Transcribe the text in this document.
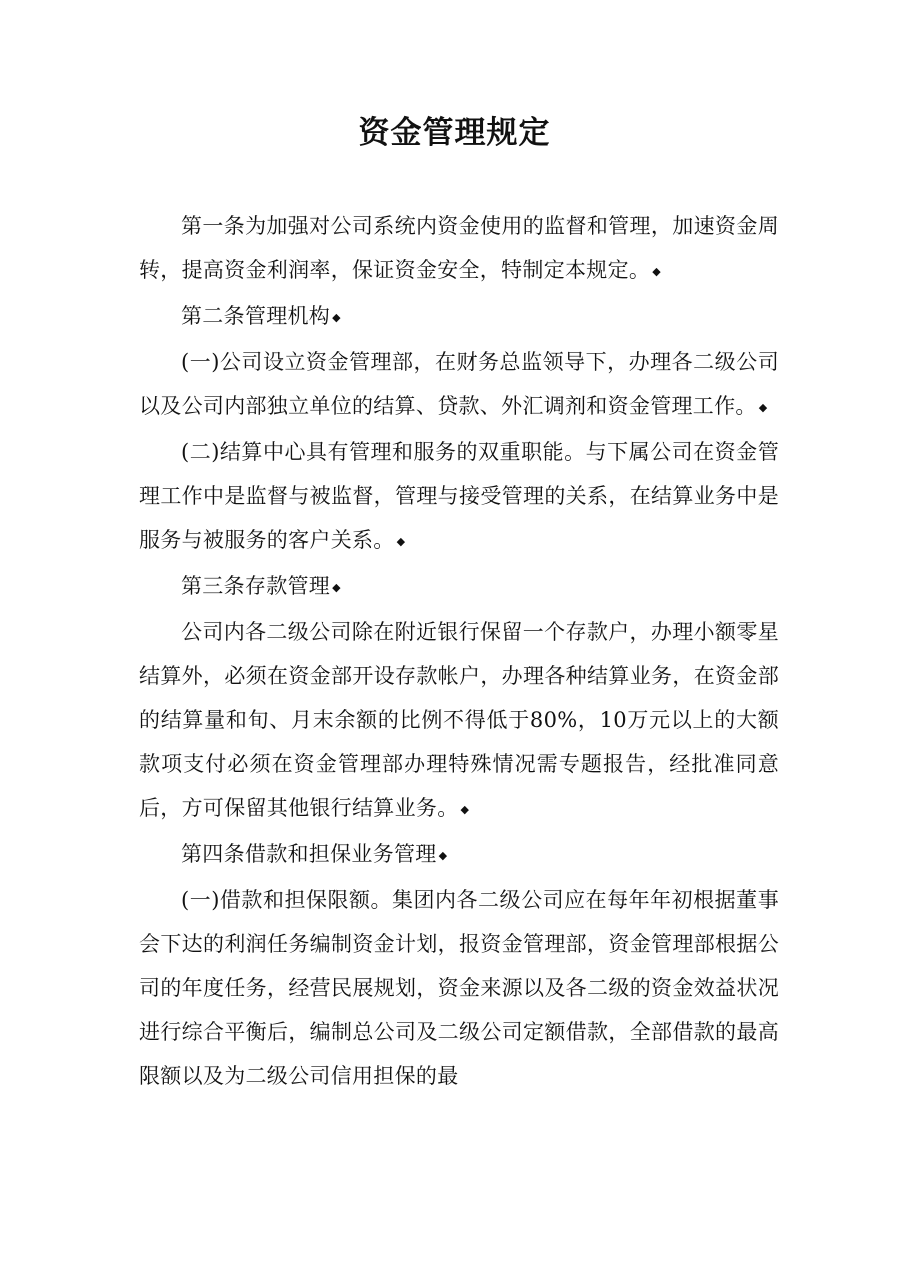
资金管理规定

第一条为加强对公司系统内资金使用的监督和管理，加速资金周转，提高资金利润率，保证资金安全，特制定本规定。 ◆

第二条管理机构 ◆

(一)公司设立资金管理部，在财务总监领导下，办理各二级公司以及公司内部独立单位的结算、贷款、外汇调剂和资金管理工作。 ◆

(二)结算中心具有管理和服务的双重职能。与下属公司在资金管理工作中是监督与被监督，管理与接受管理的关系，在结算业务中是服务与被服务的客户关系。 ◆

第三条存款管理 ◆

公司内各二级公司除在附近银行保留一个存款户，办理小额零星结算外，必须在资金部开设存款帐户，办理各种结算业务，在资金部的结算量和旬、月末余额的比例不得低于80%，10万元以上的大额款项支付必须在资金管理部办理特殊情况需专题报告，经批准同意后，方可保留其他银行结算业务。 ◆

第四条借款和担保业务管理 ◆

(一)借款和担保限额。集团内各二级公司应在每年年初根据董事会下达的利润任务编制资金计划，报资金管理部，资金管理部根据公司的年度任务，经营民展规划，资金来源以及各二级的资金效益状况进行综合平衡后，编制总公司及二级公司定额借款，全部借款的最高限额以及为二级公司信用担保的最
